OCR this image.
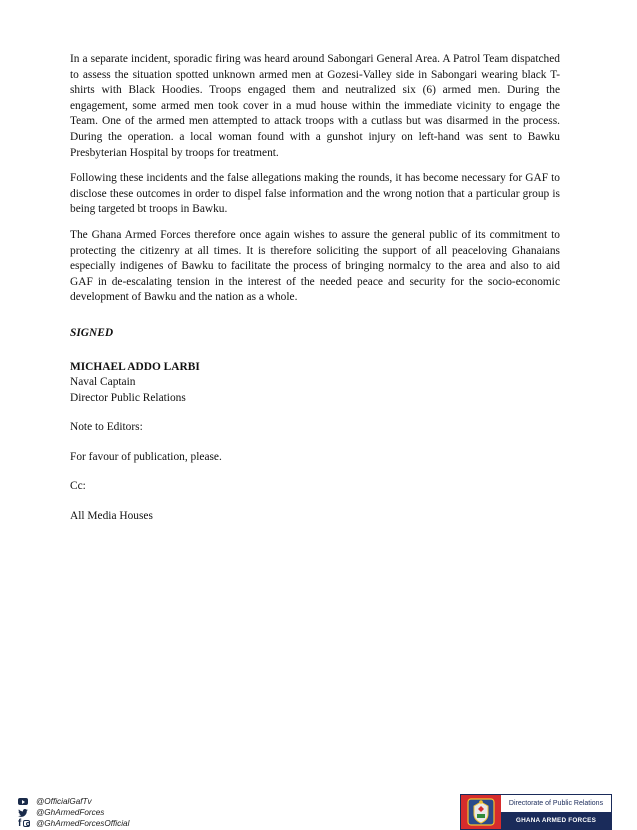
In a separate incident, sporadic firing was heard around Sabongari General Area. A Patrol Team dispatched to assess the situation spotted unknown armed men at Gozesi-Valley side in Sabongari wearing black T-shirts with Black Hoodies. Troops engaged them and neutralized six (6) armed men. During the engagement, some armed men took cover in a mud house within the immediate vicinity to engage the Team. One of the armed men attempted to attack troops with a cutlass but was disarmed in the process. During the operation. a local woman found with a gunshot injury on left-hand was sent to Bawku Presbyterian Hospital by troops for treatment.

Following these incidents and the false allegations making the rounds, it has become necessary for GAF to disclose these outcomes in order to dispel false information and the wrong notion that a particular group is being targeted bt troops in Bawku.

The Ghana Armed Forces therefore once again wishes to assure the general public of its commitment to protecting the citizenry at all times. It is therefore soliciting the support of all peaceloving Ghanaians especially indigenes of Bawku to facilitate the process of bringing normalcy to the area and also to aid GAF in de-escalating tension in the interest of the needed peace and security for the socio-economic development of Bawku and the nation as a whole.

SIGNED

MICHAEL ADDO LARBI

Naval Captain

Director Public Relations

Note to Editors:

For favour of publication, please.

Cc:

All Media Houses

@OfficialGafTv
@GhArmedForces
f @GhArmedForcesOfficial
Directorate of Public Relations
GHANA ARMED FORCES
